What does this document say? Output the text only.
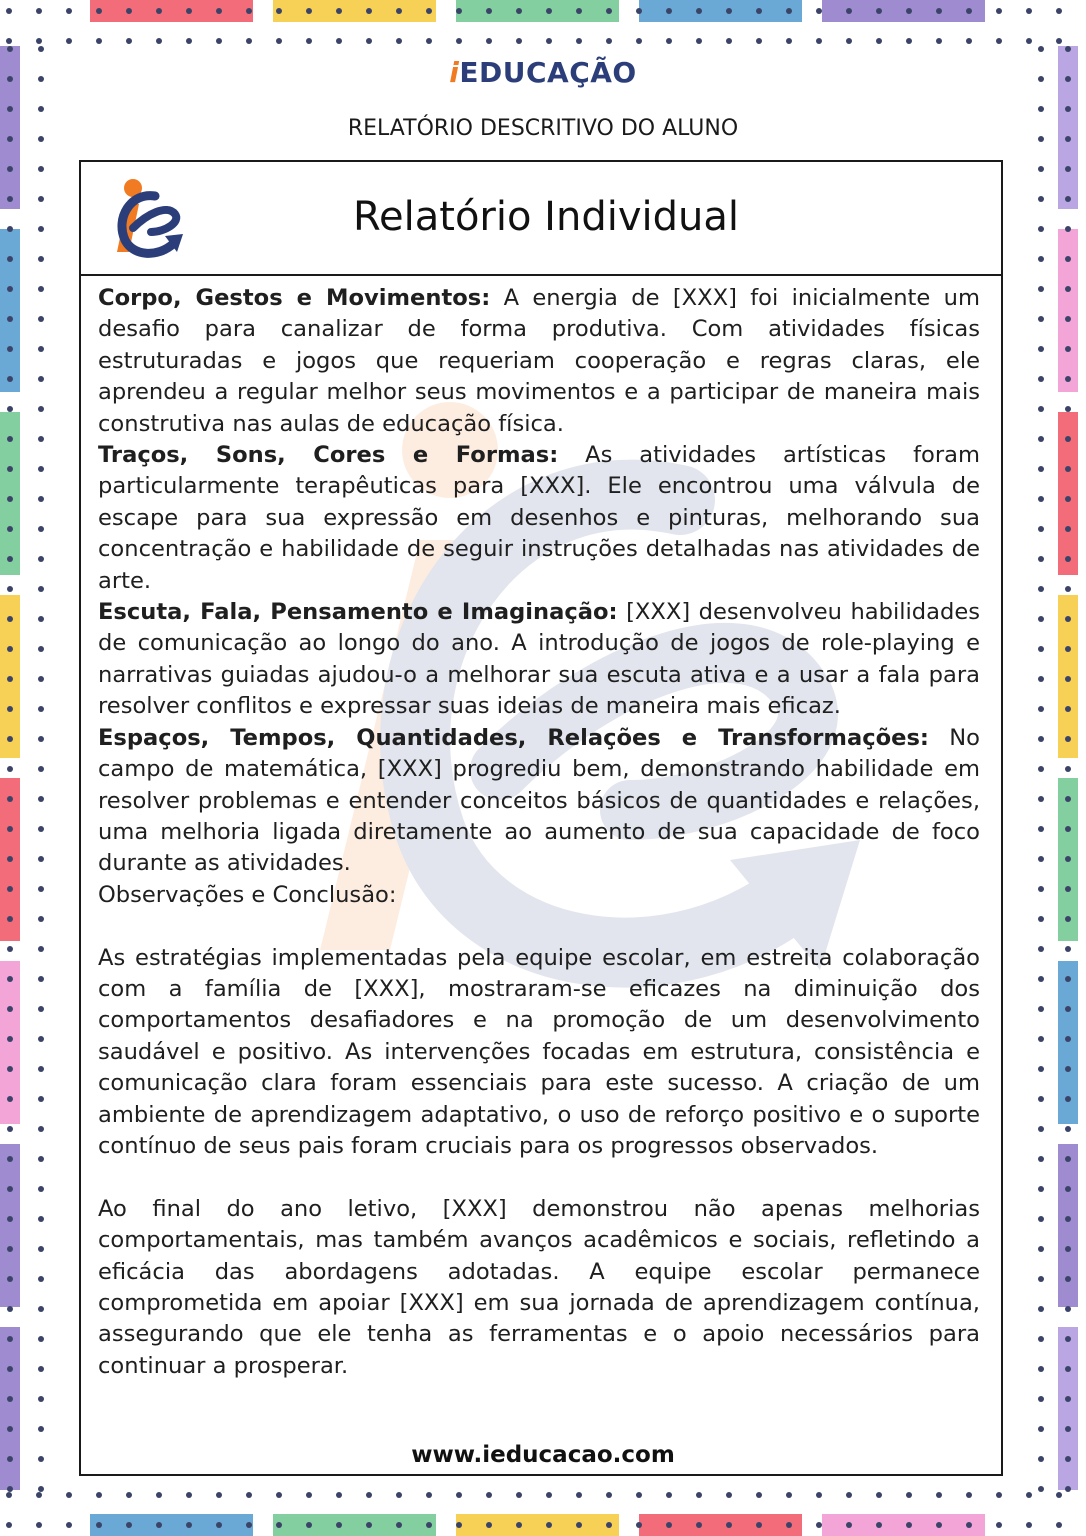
iEDUCAÇÃO
RELATÓRIO DESCRITIVO DO ALUNO
Relatório Individual

Corpo, Gestos e Movimentos: A energia de [XXX] foi inicialmente um desafio para canalizar de forma produtiva. Com atividades físicas estruturadas e jogos que requeriam cooperação e regras claras, ele aprendeu a regular melhor seus movimentos e a participar de maneira mais construtiva nas aulas de educação física.

Traços, Sons, Cores e Formas: As atividades artísticas foram particularmente terapêuticas para [XXX]. Ele encontrou uma válvula de escape para sua expressão em desenhos e pinturas, melhorando sua concentração e habilidade de seguir instruções detalhadas nas atividades de arte.

Escuta, Fala, Pensamento e Imaginação: [XXX] desenvolveu habilidades de comunicação ao longo do ano. A introdução de jogos de role-playing e narrativas guiadas ajudou-o a melhorar sua escuta ativa e a usar a fala para resolver conflitos e expressar suas ideias de maneira mais eficaz.

Espaços, Tempos, Quantidades, Relações e Transformações: No campo de matemática, [XXX] progrediu bem, demonstrando habilidade em resolver problemas e entender conceitos básicos de quantidades e relações, uma melhoria ligada diretamente ao aumento de sua capacidade de foco durante as atividades.

Observações e Conclusão:

As estratégias implementadas pela equipe escolar, em estreita colaboração com a família de [XXX], mostraram-se eficazes na diminuição dos comportamentos desafiadores e na promoção de um desenvolvimento saudável e positivo. As intervenções focadas em estrutura, consistência e comunicação clara foram essenciais para este sucesso. A criação de um ambiente de aprendizagem adaptativo, o uso de reforço positivo e o suporte contínuo de seus pais foram cruciais para os progressos observados.

Ao final do ano letivo, [XXX] demonstrou não apenas melhorias comportamentais, mas também avanços acadêmicos e sociais, refletindo a eficácia das abordagens adotadas. A equipe escolar permanece comprometida em apoiar [XXX] em sua jornada de aprendizagem contínua, assegurando que ele tenha as ferramentas e o apoio necessários para continuar a prosperar.

www.ieducacao.com
